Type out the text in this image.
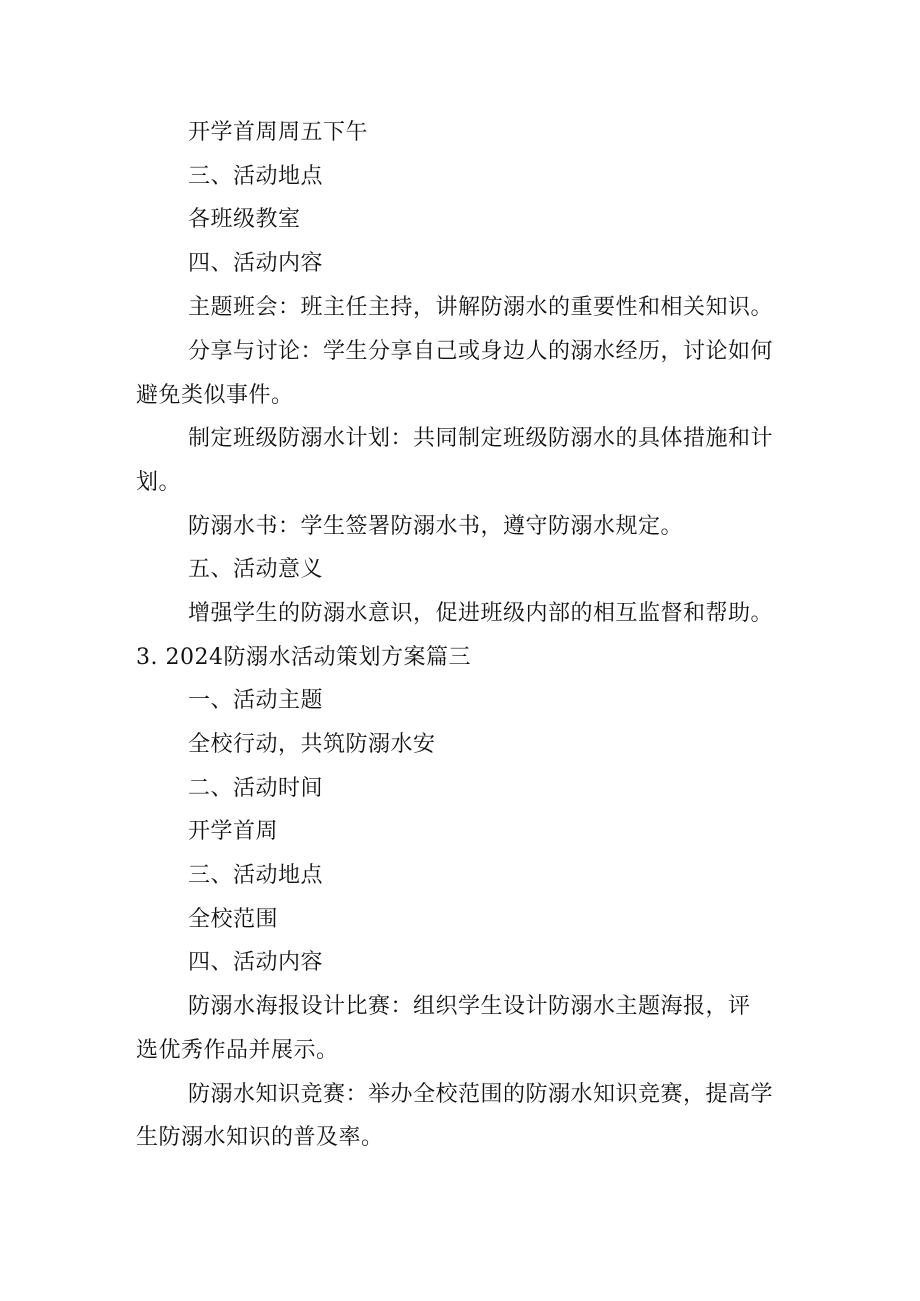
开学首周周五下午
三、活动地点
各班级教室
四、活动内容
主题班会：班主任主持，讲解防溺水的重要性和相关知识。
分享与讨论：学生分享自己或身边人的溺水经历，讨论如何
避免类似事件。
制定班级防溺水计划：共同制定班级防溺水的具体措施和计
划。
防溺水书：学生签署防溺水书，遵守防溺水规定。
五、活动意义
增强学生的防溺水意识，促进班级内部的相互监督和帮助。
3. 2024防溺水活动策划方案篇三
一、活动主题
全校行动，共筑防溺水安
二、活动时间
开学首周
三、活动地点
全校范围
四、活动内容
防溺水海报设计比赛：组织学生设计防溺水主题海报，评
选优秀作品并展示。
防溺水知识竞赛：举办全校范围的防溺水知识竞赛，提高学
生防溺水知识的普及率。
